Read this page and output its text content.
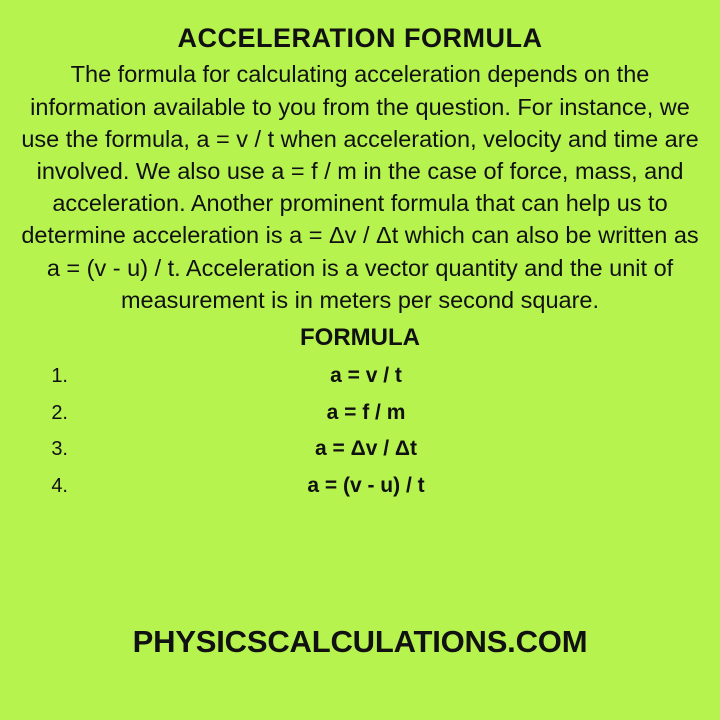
ACCELERATION FORMULA

The formula for calculating acceleration depends on the information available to you from the question. For instance, we use the formula, a = v / t when acceleration, velocity and time are involved. We also use a = f / m in the case of force, mass, and acceleration. Another prominent formula that can help us to determine acceleration is a = Δv / Δt which can also be written as a = (v - u) / t. Acceleration is a vector quantity and the unit of measurement is in meters per second square.

FORMULA
1.	a = v / t
2.	a = f / m
3.	a = Δv / Δt
4.	a = (v - u) / t
PHYSICSCALCULATIONS.COM
